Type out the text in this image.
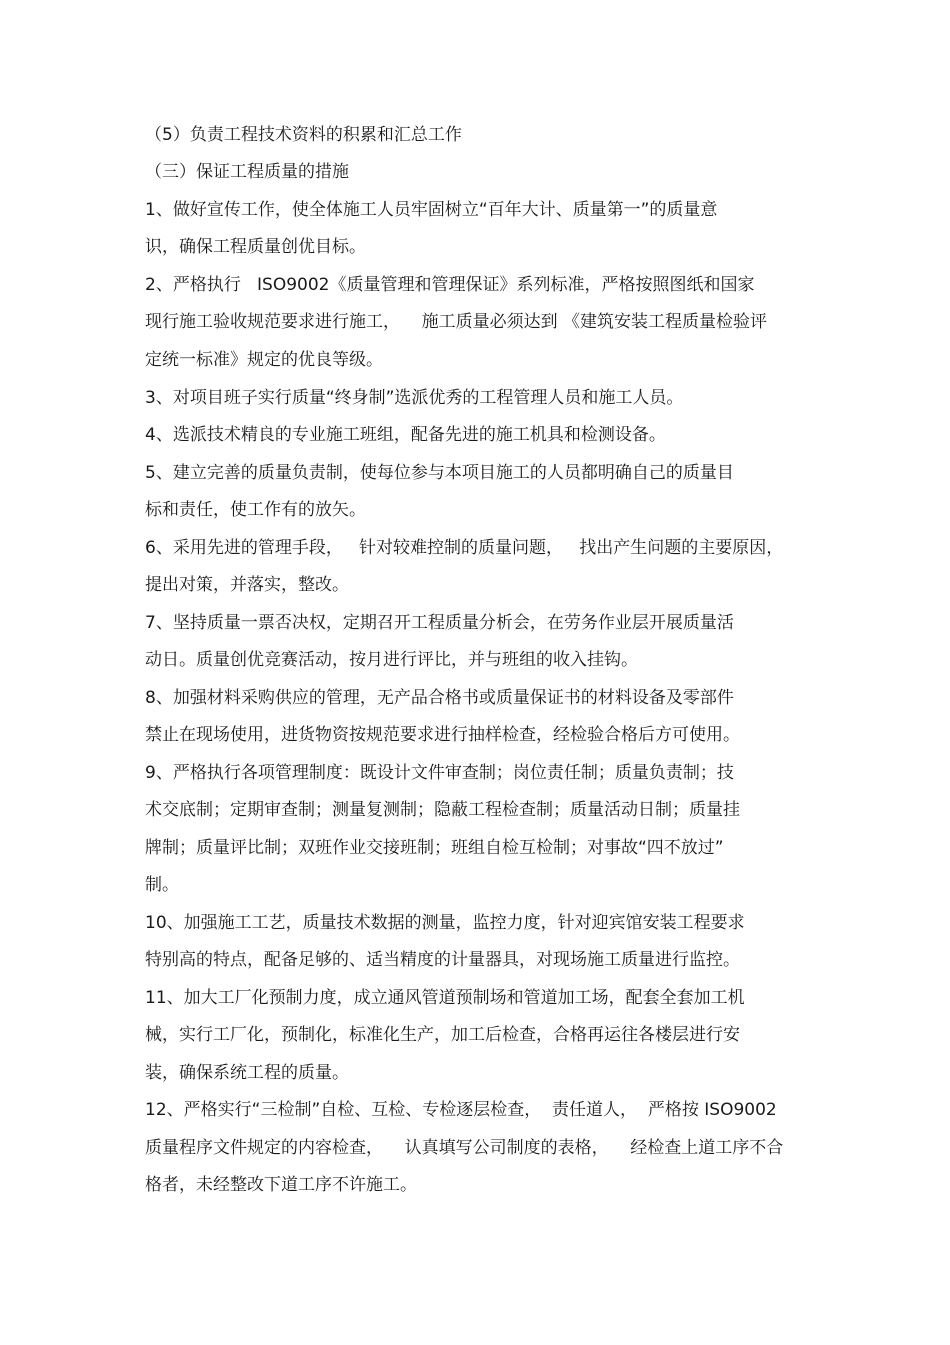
（5）负责工程技术资料的积累和汇总工作
（三）保证工程质量的措施
1、做好宣传工作，使全体施工人员牢固树立“百年大计、质量第一”的质量意
识，确保工程质量创优目标。
2、严格执行   ISO9002《质量管理和管理保证》系列标准，严格按照图纸和国家
现行施工验收规范要求进行施工，    施工质量必须达到 《建筑安装工程质量检验评
定统一标准》规定的优良等级。
3、对项目班子实行质量“终身制”选派优秀的工程管理人员和施工人员。
4、选派技术精良的专业施工班组，配备先进的施工机具和检测设备。
5、建立完善的质量负责制，使每位参与本项目施工的人员都明确自己的质量目
标和责任，使工作有的放矢。
6、采用先进的管理手段，   针对较难控制的质量问题，   找出产生问题的主要原因，
提出对策，并落实，整改。
7、坚持质量一票否决权，定期召开工程质量分析会，在劳务作业层开展质量活
动日。质量创优竞赛活动，按月进行评比，并与班组的收入挂钩。
8、加强材料采购供应的管理，无产品合格书或质量保证书的材料设备及零部件
禁止在现场使用，进货物资按规范要求进行抽样检查，经检验合格后方可使用。
9、严格执行各项管理制度：既设计文件审查制；岗位责任制；质量负责制；技
术交底制；定期审查制；测量复测制；隐蔽工程检查制；质量活动日制；质量挂
牌制；质量评比制；双班作业交接班制；班组自检互检制；对事故“四不放过”
制。
10、加强施工工艺，质量技术数据的测量，监控力度，针对迎宾馆安装工程要求
特别高的特点，配备足够的、适当精度的计量器具，对现场施工质量进行监控。
11、加大工厂化预制力度，成立通风管道预制场和管道加工场，配套全套加工机
械，实行工厂化，预制化，标准化生产，加工后检查，合格再运往各楼层进行安
装，确保系统工程的质量。
12、严格实行“三检制”自检、互检、专检逐层检查，  责任道人，  严格按 ISO9002
质量程序文件规定的内容检查，    认真填写公司制度的表格，    经检查上道工序不合
格者，未经整改下道工序不许施工。
